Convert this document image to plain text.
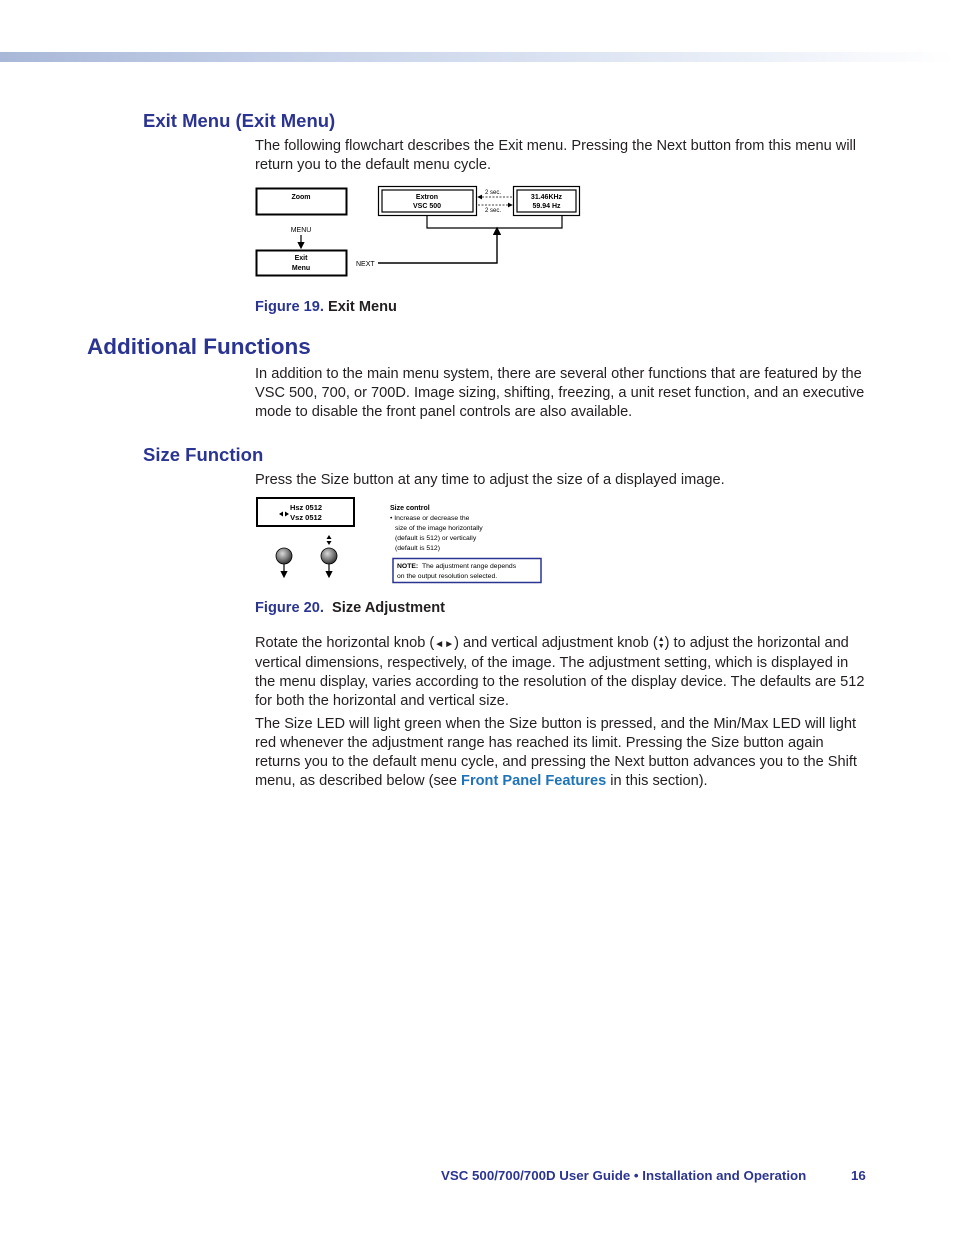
Exit Menu (Exit Menu)

The following flowchart describes the Exit menu. Pressing the Next button from this menu will return you to the default menu cycle.

Zoom
MENU
Exit
Menu
NEXT
Extron
VSC 500
31.46KHz
59.94 Hz
2 sec.
2 sec.

Figure 19. Exit Menu

Additional Functions

In addition to the main menu system, there are several other functions that are featured by the VSC 500, 700, or 700D. Image sizing, shifting, freezing, a unit reset function, and an executive mode to disable the front panel controls are also available.

Size Function

Press the Size button at any time to adjust the size of a displayed image.

Hsz 0512
Vsz 0512
Size control
• Increase or decrease the
size of the image horizontally
(default is 512) or vertically
(default is 512)
NOTE: The adjustment range depends
on the output resolution selected.

Figure 20. Size Adjustment

Rotate the horizontal knob (◄►) and vertical adjustment knob (▲
▼) to adjust the horizontal and vertical dimensions, respectively, of the image. The adjustment setting, which is displayed in the menu display, varies according to the resolution of the display device. The defaults are 512 for both the horizontal and vertical size.

The Size LED will light green when the Size button is pressed, and the Min/Max LED will light red whenever the adjustment range has reached its limit. Pressing the Size button again returns you to the default menu cycle, and pressing the Next button advances you to the Shift menu, as described below (see Front Panel Features in this section).

VSC 500/700/700D User Guide • Installation and Operation	16
